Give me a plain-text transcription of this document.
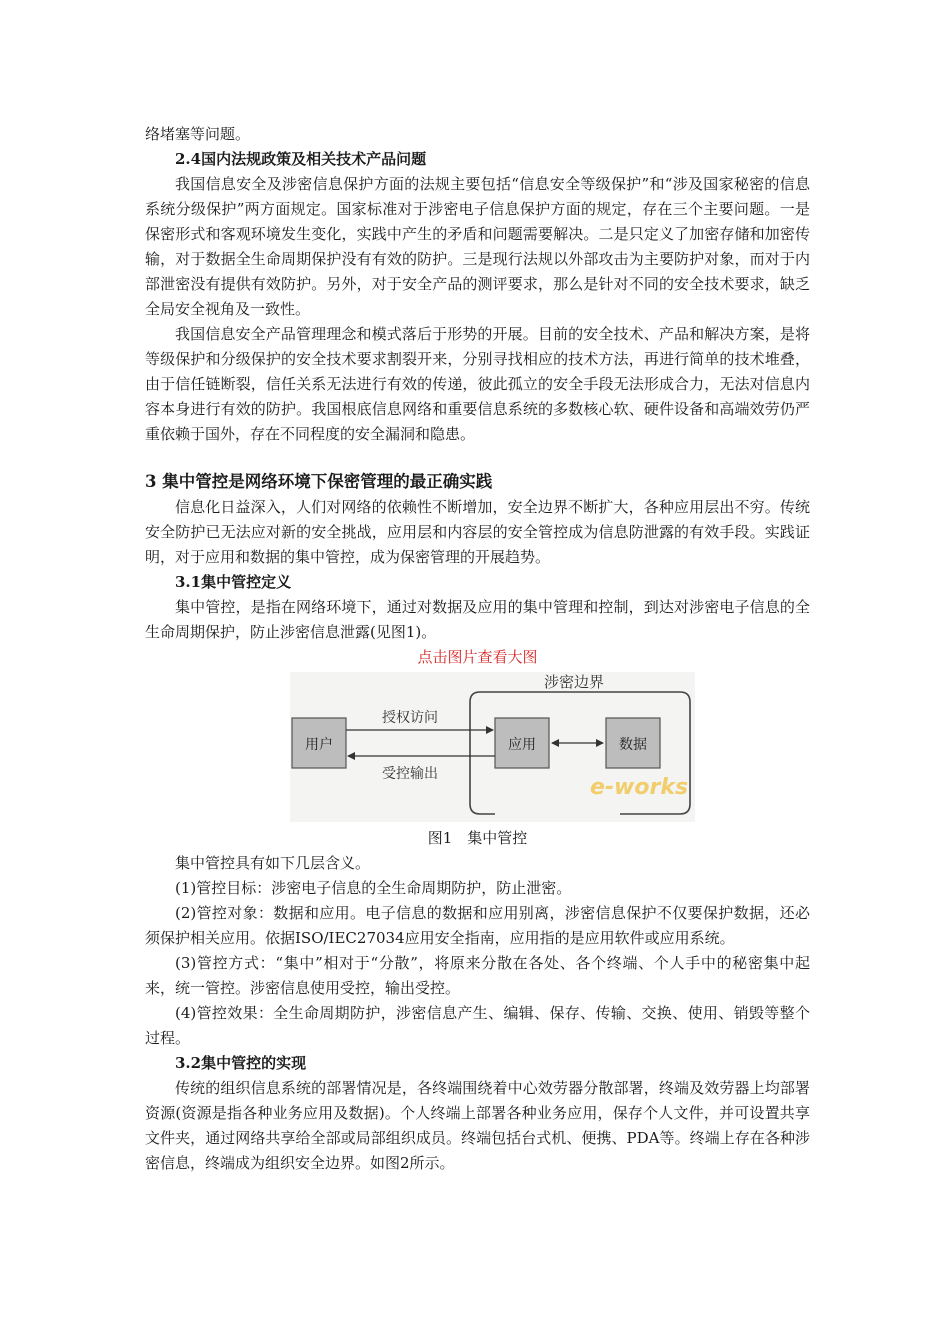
络堵塞等问题。

2.4国内法规政策及相关技术产品问题

我国信息安全及涉密信息保护方面的法规主要包括“信息安全等级保护”和“涉及国家秘密的信息系统分级保护”两方面规定。国家标准对于涉密电子信息保护方面的规定，存在三个主要问题。一是保密形式和客观环境发生变化，实践中产生的矛盾和问题需要解决。二是只定义了加密存储和加密传输，对于数据全生命周期保护没有有效的防护。三是现行法规以外部攻击为主要防护对象，而对于内部泄密没有提供有效防护。另外，对于安全产品的测评要求，那么是针对不同的安全技术要求，缺乏全局安全视角及一致性。

我国信息安全产品管理理念和模式落后于形势的开展。目前的安全技术、产品和解决方案，是将等级保护和分级保护的安全技术要求割裂开来，分别寻找相应的技术方法，再进行简单的技术堆叠，由于信任链断裂，信任关系无法进行有效的传递，彼此孤立的安全手段无法形成合力，无法对信息内容本身进行有效的防护。我国根底信息网络和重要信息系统的多数核心软、硬件设备和高端效劳仍严重依赖于国外，存在不同程度的安全漏洞和隐患。

3 集中管控是网络环境下保密管理的最正确实践

信息化日益深入，人们对网络的依赖性不断增加，安全边界不断扩大，各种应用层出不穷。传统安全防护已无法应对新的安全挑战，应用层和内容层的安全管控成为信息防泄露的有效手段。实践证明，对于应用和数据的集中管控，成为保密管理的开展趋势。

3.1集中管控定义

集中管控，是指在网络环境下，通过对数据及应用的集中管理和控制，到达对涉密电子信息的全生命周期保护，防止涉密信息泄露(见图1)。

点击图片查看大图

涉密边界
用户	应用	数据
授权访问
受控输出
e-works

图1　集中管控

集中管控具有如下几层含义。

(1)管控目标：涉密电子信息的全生命周期防护，防止泄密。

(2)管控对象：数据和应用。电子信息的数据和应用别离，涉密信息保护不仅要保护数据，还必须保护相关应用。依据ISO/IEC27034应用安全指南，应用指的是应用软件或应用系统。

(3)管控方式：“集中”相对于“分散”，将原来分散在各处、各个终端、个人手中的秘密集中起来，统一管控。涉密信息使用受控，输出受控。

(4)管控效果：全生命周期防护，涉密信息产生、编辑、保存、传输、交换、使用、销毁等整个过程。

3.2集中管控的实现

传统的组织信息系统的部署情况是，各终端围绕着中心效劳器分散部署，终端及效劳器上均部署资源(资源是指各种业务应用及数据)。个人终端上部署各种业务应用，保存个人文件，并可设置共享文件夹，通过网络共享给全部或局部组织成员。终端包括台式机、便携、PDA等。终端上存在各种涉密信息，终端成为组织安全边界。如图2所示。
